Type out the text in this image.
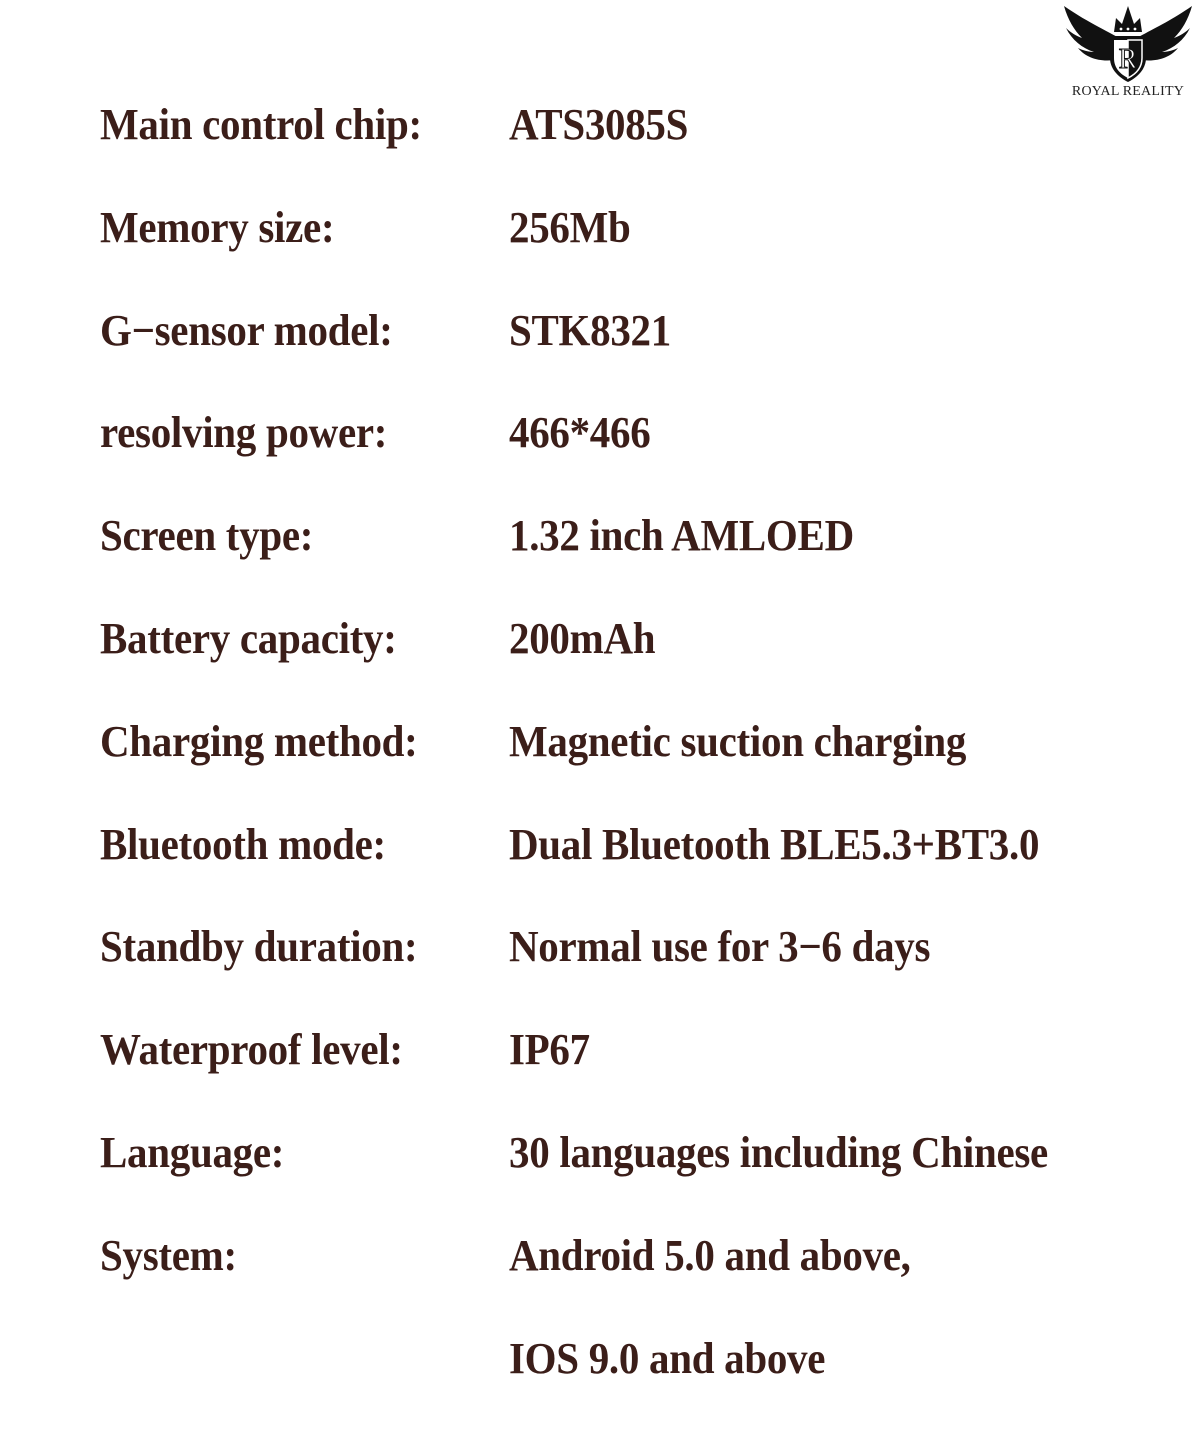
R
ROYAL REALITY
Main control chip: ATS3085S
Memory size:	256Mb
G−sensor model:	STK8321
resolving power:	466*466
Screen type:	1.32 inch AMLOED
Battery capacity:	200mAh
Charging method: Magnetic suction charging
Bluetooth mode:	Dual Bluetooth BLE5.3+BT3.0
Standby duration: Normal use for 3−6 days
Waterproof level:	IP67
Language:	30 languages including Chinese
System:	Android 5.0 and above,
IOS 9.0 and above
